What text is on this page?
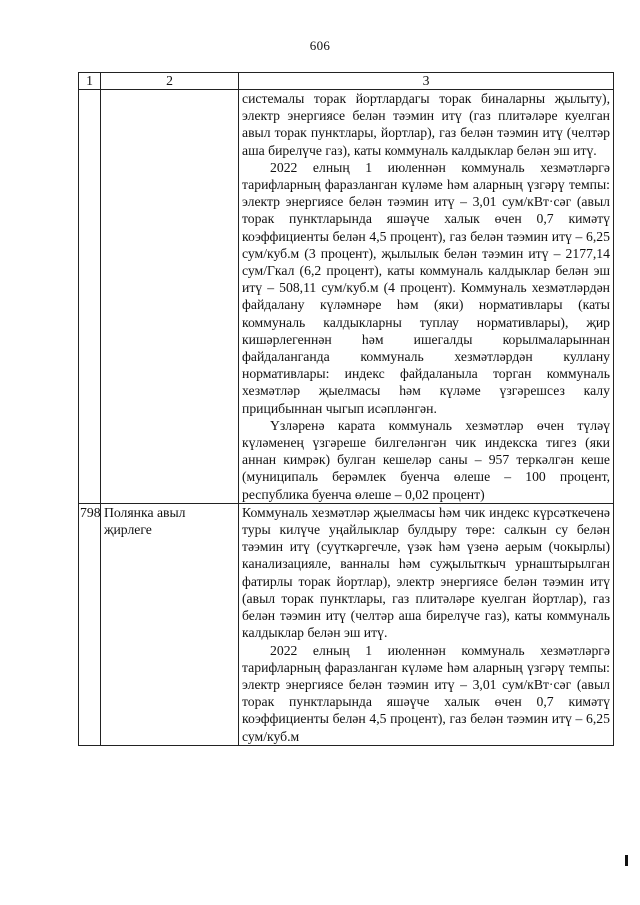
606
1	2	3

		системалы торак йортлардагы торак биналарны җылыту), электр энергиясе белән тәэмин итү (газ плитәләре куелган авыл торак пунктлары, йортлар), газ белән тәэмин итү (челтәр аша бирелүче газ), каты коммуналь калдыклар белән эш итү.

2022 елның 1 июленнән коммуналь хезмәтләргә тарифларның фаразланган күләме һәм аларның үзгәрү темпы: электр энергиясе белән тәэмин итү – 3,01 сум/кВт·сәг (авыл торак пунктларында яшәүче халык өчен 0,7 кимәтү коэффициенты белән 4,5 процент), газ белән тәэмин итү – 6,25 сум/куб.м (3 процент), җылылык белән тәэмин итү – 2177,14 сум/Гкал (6,2 процент), каты коммуналь калдыклар белән эш итү – 508,11 сум/куб.м (4 процент). Коммуналь хезмәтләрдән файдалану күләмнәре һәм (яки) нормативлары (каты коммуналь калдыкларны туплау нормативлары), җир кишәрлегеннән һәм ишегалды корылмаларыннан файдаланганда коммуналь хезмәтләрдән куллану нормативлары: индекс файдаланыла торган коммуналь хезмәтләр җыелмасы һәм күләме үзгәрешсез калу прицибыннан чыгып исәпләнгән.

Үзләренә карата коммуналь хезмәтләр өчен түләү күләменең үзгәреше билгеләнгән чик индекска тигез (яки аннан кимрәк) булган кешеләр саны – 957 теркәлгән кеше (муниципаль берәмлек буенча өлеше – 100 процент, республика буенча өлеше – 0,02 процент)

798	Полянка авыл җирлеге	Коммуналь хезмәтләр җыелмасы һәм чик индекс күрсәткеченә туры килүче уңайлыклар булдыру төре: салкын су белән тәэмин итү (суүткәргечле, үзәк һәм үзенә аерым (чокырлы) канализацияле, ванналы һәм суҗылыткыч урнаштырылган фатирлы торак йортлар), электр энергиясе белән тәэмин итү (авыл торак пунктлары, газ плитәләре куелган йортлар), газ белән тәэмин итү (челтәр аша бирелүче газ), каты коммуналь калдыклар белән эш итү.

2022 елның 1 июленнән коммуналь хезмәтләргә тарифларның фаразланган күләме һәм аларның үзгәрү темпы: электр энергиясе белән тәэмин итү – 3,01 сум/кВт·сәг (авыл торак пунктларында яшәүче халык өчен 0,7 кимәтү коэффициенты белән 4,5 процент), газ белән тәэмин итү – 6,25 сум/куб.м
